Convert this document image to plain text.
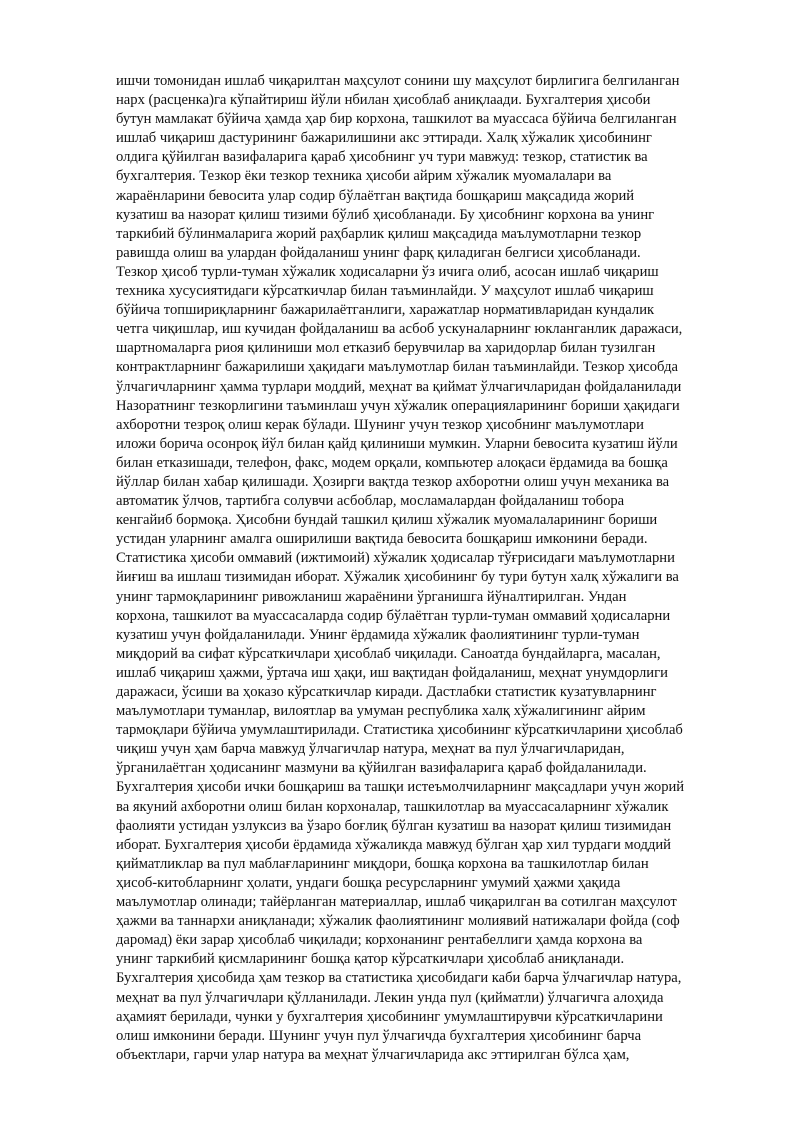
ишчи томонидан ишлаб чиқарилтан маҳсулот сонини шу маҳсулот бирлигига белгиланган
нарх (расценка)га кўпайтириш йўли нбилан ҳисоблаб аниқлаади. Бухгалтерия ҳисоби
бутун мамлакат бўйича ҳамда ҳар бир корхона, ташкилот ва муассаса бўйича белгиланган
ишлаб чиқариш дастурининг бажарилишини акс эттиради. Халқ хўжалик ҳисобининг
олдига қўйилган вазифаларига қараб ҳисобнинг уч тури мавжуд: тезкор, статистик ва
бухгалтерия. Тезкор ёки тезкор техника ҳисоби айрим хўжалик муомалалари ва
жараёнларини бевосита улар содир бўлаётган вақтида бошқариш мақсадида жорий
кузатиш ва назорат қилиш тизими бўлиб ҳисобланади. Бу ҳисобнинг корхона ва унинг
таркибий бўлинмаларига жорий раҳбарлик қилиш мақсадида маълумотларни тезкор
равишда олиш ва улардан фойдаланиш унинг фарқ қиладиган белгиси ҳисобланади.
Тезкор ҳисоб турли-туман хўжалик ходисаларни ўз ичига олиб, асосан ишлаб чиқариш
техника хусусиятидаги кўрсаткичлар билан таъминлайди. У маҳсулот ишлаб чиқариш
бўйича топшириқларнинг бажарилаётганлиги, харажатлар нормативларидан кундалик
четга чиқишлар, иш кучидан фойдаланиш ва асбоб ускуналарнинг юкланганлик даражаси,
шартномаларга риоя қилиниши мол етказиб берувчилар ва харидорлар билан тузилган
контрактларнинг бажарилиши ҳақидаги маълумотлар билан таъминлайди. Тезкор ҳисобда
ўлчагичларнинг ҳамма турлари моддий, меҳнат ва қиймат ўлчагичларидан фойдаланилади
Назоратнинг тезкорлигини таъминлаш учун хўжалик операцияларининг бориши ҳақидаги
ахборотни тезроқ олиш керак бўлади. Шунинг учун тезкор ҳисобнинг маълумотлари
иложи борича осонроқ йўл билан қайд қилиниши мумкин. Уларни бевосита кузатиш йўли
билан етказишади, телефон, факс, модем орқали, компьютер алоқаси ёрдамида ва бошқа
йўллар билан хабар қилишади. Ҳозирги вақтда тезкор ахборотни олиш учун механика ва
автоматик ўлчов, тартибга солувчи асбоблар, мосламалардан фойдаланиш тобора
кенгайиб бормоқа. Ҳисобни бундай ташкил қилиш хўжалик муомалаларининг бориши
устидан уларнинг амалга оширилиши вақтида бевосита бошқариш имконини беради.
Статистика ҳисоби оммавий (ижтимоий) хўжалик ҳодисалар тўғрисидаги маълумотларни
йиғиш ва ишлаш тизимидан иборат. Хўжалик ҳисобининг бу тури бутун халқ хўжалиги ва
унинг тармоқларининг ривожланиш жараёнини ўрганишга йўналтирилган. Ундан
корхона, ташкилот ва муассасаларда содир бўлаётган турли-туман оммавий ҳодисаларни
кузатиш учун фойдаланилади. Унинг ёрдамида хўжалик фаолиятининг турли-туман
миқдорий ва сифат кўрсаткичлари ҳисоблаб чиқилади. Саноатда бундайларга, масалан,
ишлаб чиқариш ҳажми, ўртача иш ҳақи, иш вақтидан фойдаланиш, меҳнат унумдорлиги
даражаси, ўсиши ва ҳоказо кўрсаткичлар киради. Дастлабки статистик кузатувларнинг
маълумотлари туманлар, вилоятлар ва умуман республика халқ хўжалигининг айрим
тармоқлари бўйича умумлаштирилади. Статистика ҳисобининг кўрсаткичларини ҳисоблаб
чиқиш учун ҳам барча мавжуд ўлчагичлар натура, меҳнат ва пул ўлчагичларидан,
ўрганилаётган ҳодисанинг мазмуни ва қўйилган вазифаларига қараб фойдаланилади.
Бухгалтерия ҳисоби ички бошқариш ва ташқи истеъмолчиларнинг мақсадлари учун жорий
ва якуний ахборотни олиш билан корхоналар, ташкилотлар ва муассасаларнинг хўжалик
фаолияти устидан узлуксиз ва ўзаро боғлиқ бўлган кузатиш ва назорат қилиш тизимидан
иборат. Бухгалтерия ҳисоби ёрдамида хўжаликда мавжуд бўлган ҳар хил турдаги моддий
қийматликлар ва пул маблағларининг миқдори, бошқа корхона ва ташкилотлар билан
ҳисоб-китобларнинг ҳолати, ундаги бошқа ресурсларнинг умумий ҳажми ҳақида
маълумотлар олинади; тайёрланган материаллар, ишлаб чиқарилган ва сотилган маҳсулот
ҳажми ва таннархи аниқланади; хўжалик фаолиятининг молиявий натижалари фойда (соф
даромад) ёки зарар ҳисоблаб чиқилади; корхонанинг рентабеллиги ҳамда корхона ва
унинг таркибий қисмларининг бошқа қатор кўрсаткичлари ҳисоблаб аниқланади.
Бухгалтерия ҳисобида ҳам тезкор ва статистика ҳисобидаги каби барча ўлчагичлар натура,
меҳнат ва пул ўлчагичлари қўлланилади. Лекин унда пул (қийматли) ўлчагичга алоҳида
аҳамият берилади, чунки у бухгалтерия ҳисобининг умумлаштирувчи кўрсаткичларини
олиш имконини беради. Шунинг учун пул ўлчагичда бухгалтерия ҳисобининг барча
объектлари, гарчи улар натура ва меҳнат ўлчагичларида акс эттирилган бўлса ҳам,
